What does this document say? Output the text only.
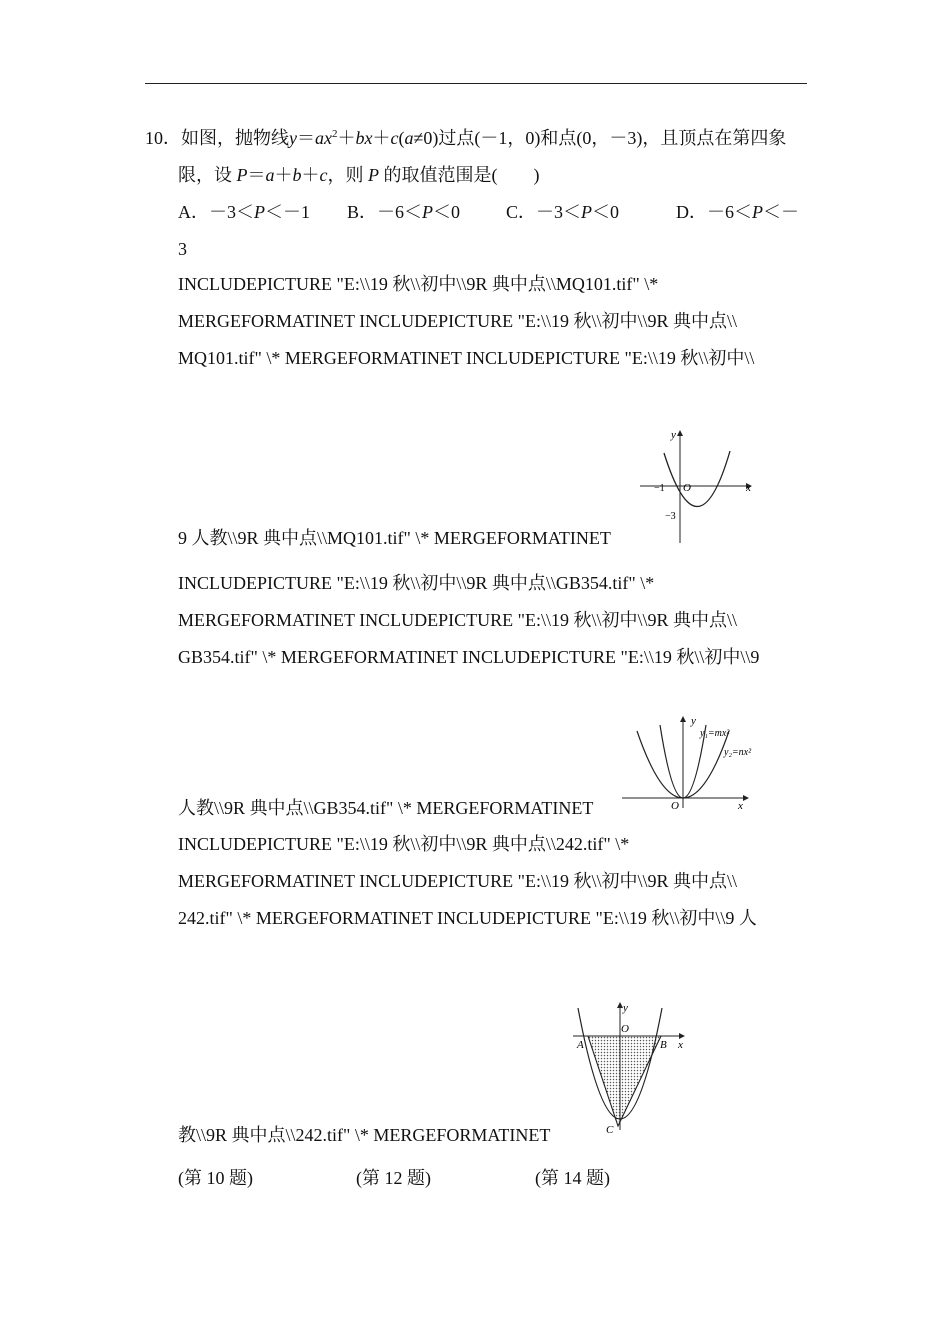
10．如图，抛物线$y=ax^2+bx+c(a\ne 0)$过点(－1，0)和点(0，－3)，且顶点在第四象
限，设 P＝a＋b＋c，则 P 的取值范围是(　　)
A．－3＜P＜－1 B．－6＜P＜0	C．－3＜P＜0	D．－6＜P＜－
3
INCLUDEPICTURE "E:\\19 秋\\初中\\9R 典中点\\MQ101.tif" \*
MERGEFORMATINET INCLUDEPICTURE "E:\\19 秋\\初中\\9R 典中点\\
MQ101.tif" \* MERGEFORMATINET INCLUDEPICTURE "E:\\19 秋\\初中\\
9 人教\\9R 典中点\\MQ101.tif" \* MERGEFORMATINET
INCLUDEPICTURE "E:\\19 秋\\初中\\9R 典中点\\GB354.tif" \*
MERGEFORMATINET INCLUDEPICTURE "E:\\19 秋\\初中\\9R 典中点\\
GB354.tif" \* MERGEFORMATINET INCLUDEPICTURE "E:\\19 秋\\初中\\9
人教\\9R 典中点\\GB354.tif" \* MERGEFORMATINET
INCLUDEPICTURE "E:\\19 秋\\初中\\9R 典中点\\242.tif" \*
MERGEFORMATINET INCLUDEPICTURE "E:\\19 秋\\初中\\9R 典中点\\
242.tif" \* MERGEFORMATINET INCLUDEPICTURE "E:\\19 秋\\初中\\9 人
教\\9R 典中点\\242.tif" \* MERGEFORMATINET
y
x
O
−1
−3
y
y₁=mx²
y₂=nx²
O	x
y
O
x
A	B
C
(第 10 题)	(第 12 题)	(第 14 题)
